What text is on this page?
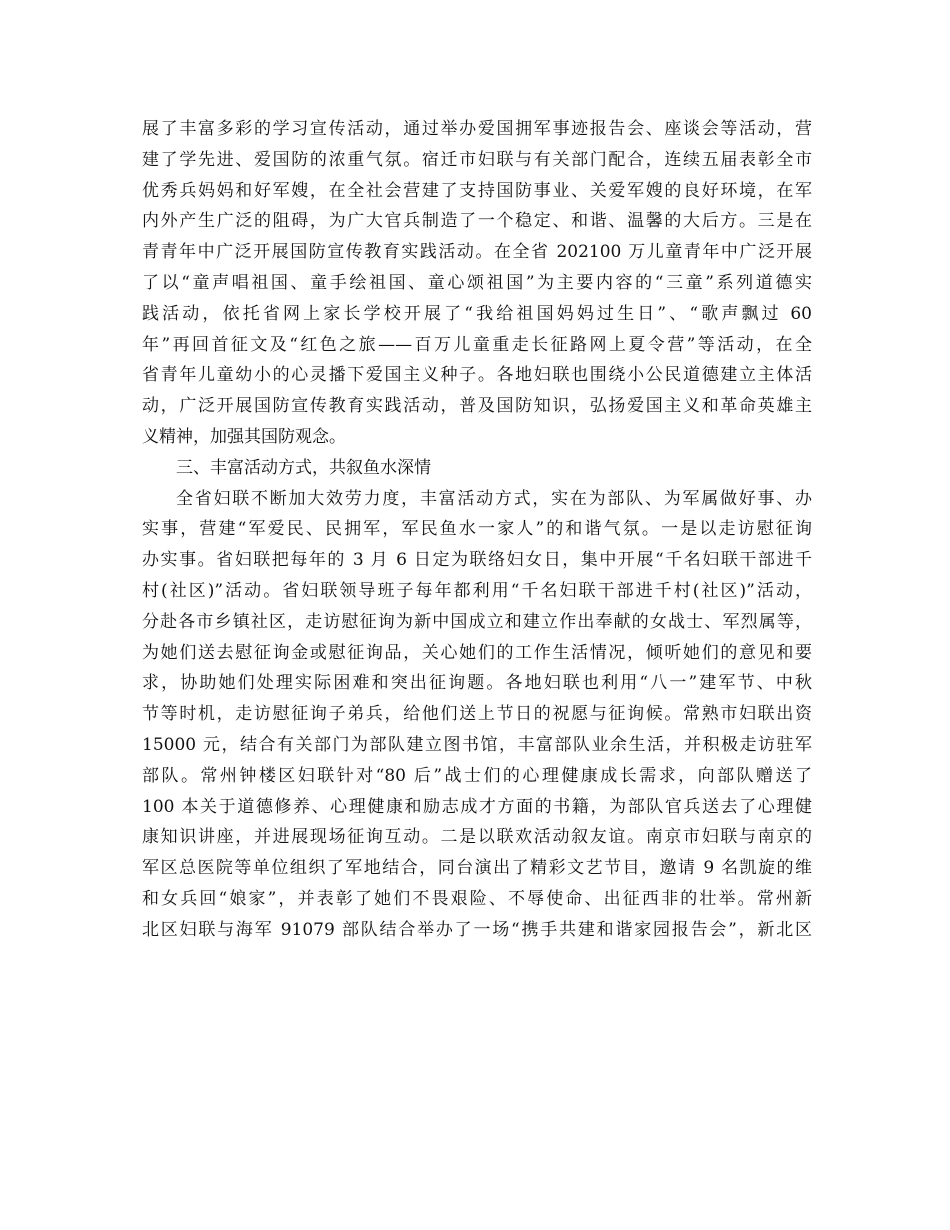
展了丰富多彩的学习宣传活动，通过举办爱国拥军事迹报告会、座谈会等活动，营
建了学先进、爱国防的浓重气氛。宿迁市妇联与有关部门配合，连续五届表彰全市
优秀兵妈妈和好军嫂，在全社会营建了支持国防事业、关爱军嫂的良好环境，在军
内外产生广泛的阻碍，为广大官兵制造了一个稳定、和谐、温馨的大后方。三是在
青青年中广泛开展国防宣传教育实践活动。在全省 202100 万儿童青年中广泛开展
了以“童声唱祖国、童手绘祖国、童心颂祖国”为主要内容的“三童”系列道德实
践活动，依托省网上家长学校开展了“我给祖国妈妈过生日”、“歌声飘过 60
年”再回首征文及“红色之旅——百万儿童重走长征路网上夏令营”等活动，在全
省青年儿童幼小的心灵播下爱国主义种子。各地妇联也围绕小公民道德建立主体活
动，广泛开展国防宣传教育实践活动，普及国防知识，弘扬爱国主义和革命英雄主
义精神，加强其国防观念。
三、丰富活动方式，共叙鱼水深情
全省妇联不断加大效劳力度，丰富活动方式，实在为部队、为军属做好事、办
实事，营建“军爱民、民拥军，军民鱼水一家人”的和谐气氛。一是以走访慰征询
办实事。省妇联把每年的 3 月 6 日定为联络妇女日，集中开展“千名妇联干部进千
村(社区)”活动。省妇联领导班子每年都利用“千名妇联干部进千村(社区)”活动，
分赴各市乡镇社区，走访慰征询为新中国成立和建立作出奉献的女战士、军烈属等，
为她们送去慰征询金或慰征询品，关心她们的工作生活情况，倾听她们的意见和要
求，协助她们处理实际困难和突出征询题。各地妇联也利用“八一”建军节、中秋
节等时机，走访慰征询子弟兵，给他们送上节日的祝愿与征询候。常熟市妇联出资
15000 元，结合有关部门为部队建立图书馆，丰富部队业余生活，并积极走访驻军
部队。常州钟楼区妇联针对“80 后”战士们的心理健康成长需求，向部队赠送了
100 本关于道德修养、心理健康和励志成才方面的书籍，为部队官兵送去了心理健
康知识讲座，并进展现场征询互动。二是以联欢活动叙友谊。南京市妇联与南京的
军区总医院等单位组织了军地结合，同台演出了精彩文艺节目，邀请 9 名凯旋的维
和女兵回“娘家”，并表彰了她们不畏艰险、不辱使命、出征西非的壮举。常州新
北区妇联与海军 91079 部队结合举办了一场“携手共建和谐家园报告会”，新北区
